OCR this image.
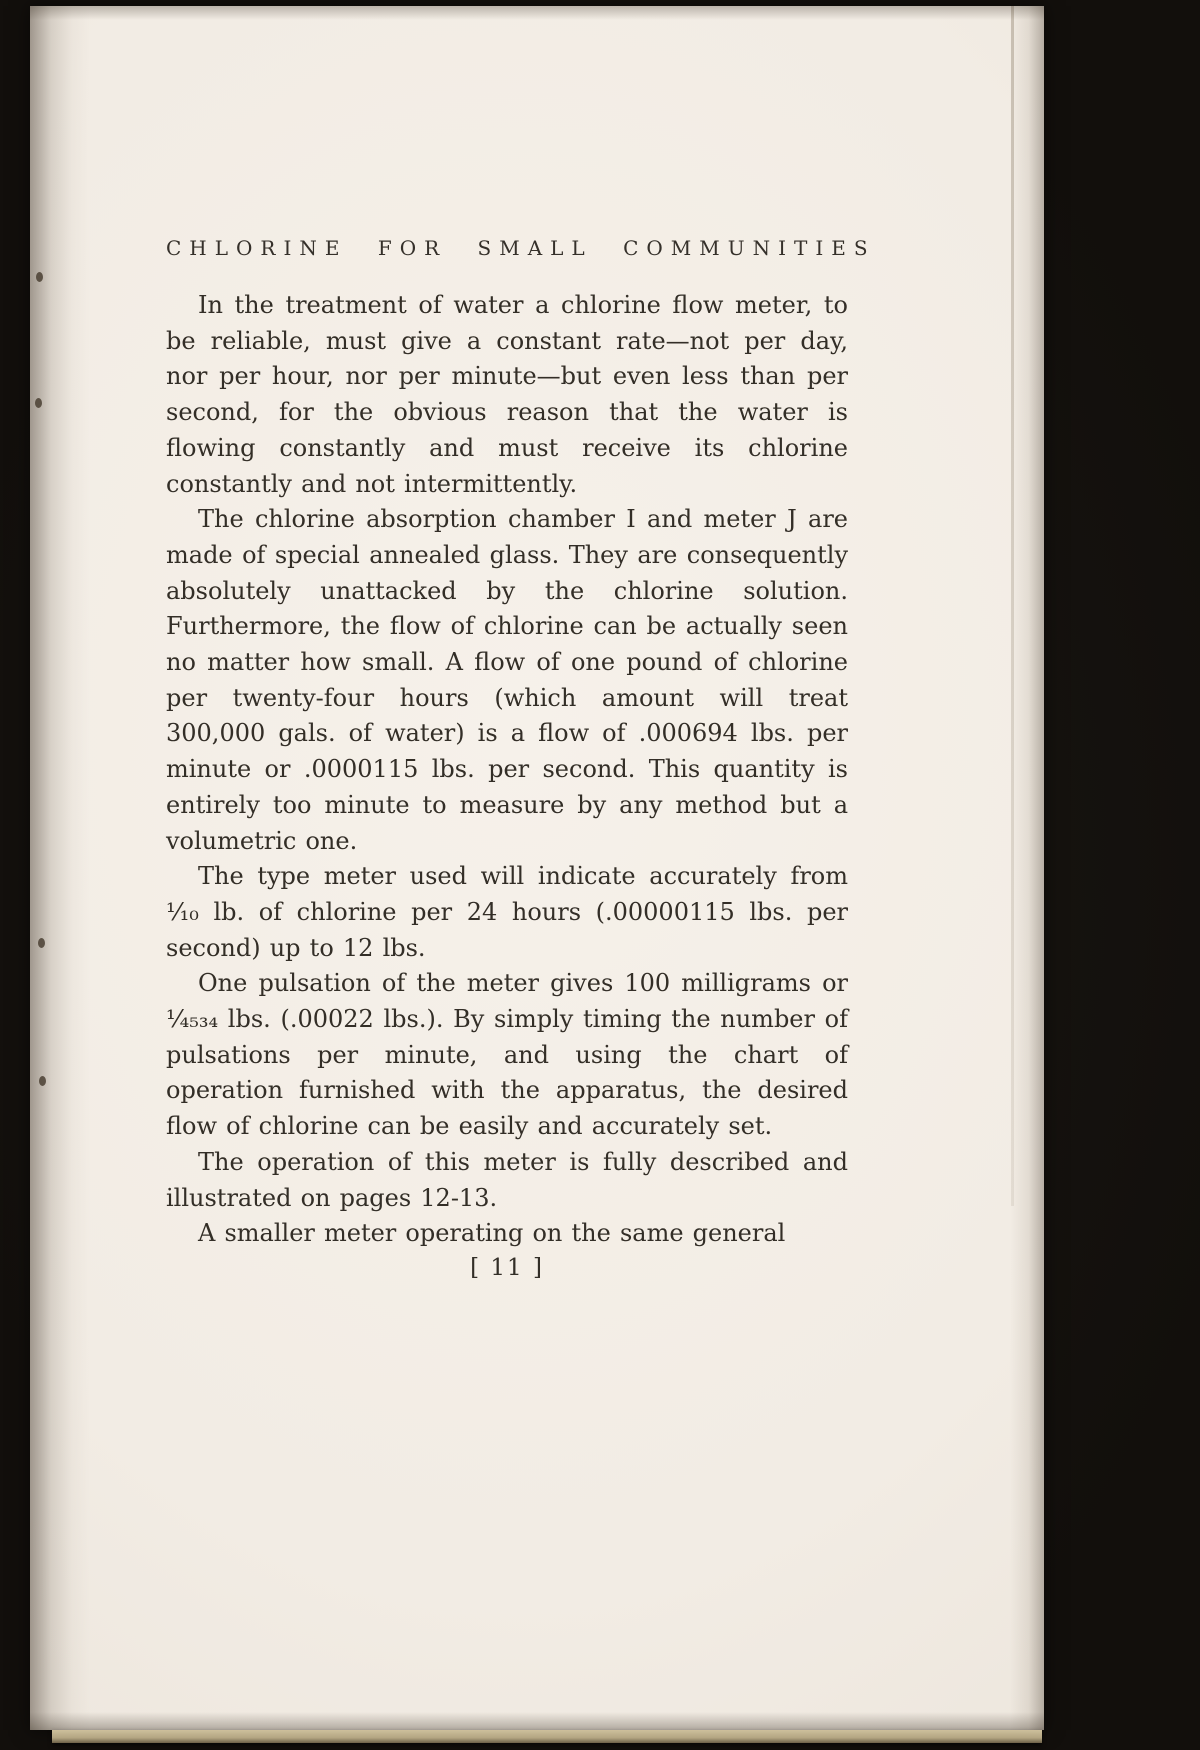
CHLORINE FOR SMALL COMMUNITIES

In the treatment of water a chlorine flow meter, to be reliable, must give a constant rate—not per day, nor per hour, nor per minute—but even less than per second, for the obvious reason that the water is flowing constantly and must receive its chlorine constantly and not intermittently.

The chlorine absorption chamber I and meter J are made of special annealed glass. They are consequently absolutely unattacked by the chlorine solution. Furthermore, the flow of chlorine can be actually seen no matter how small. A flow of one pound of chlorine per twenty-four hours (which amount will treat 300,000 gals. of water) is a flow of .000694 lbs. per minute or .0000115 lbs. per second. This quantity is entirely too minute to measure by any method but a volumetric one.

The type meter used will indicate accurately from ¹⁄₁₀ lb. of chlorine per 24 hours (.00000115 lbs. per second) up to 12 lbs.

One pulsation of the meter gives 100 milligrams or ¹⁄₄₅₃₄ lbs. (.00022 lbs.). By simply timing the number of pulsations per minute, and using the chart of operation furnished with the apparatus, the desired flow of chlorine can be easily and accurately set.

The operation of this meter is fully described and illustrated on pages 12-13.

A smaller meter operating on the same general

[ 11 ]
